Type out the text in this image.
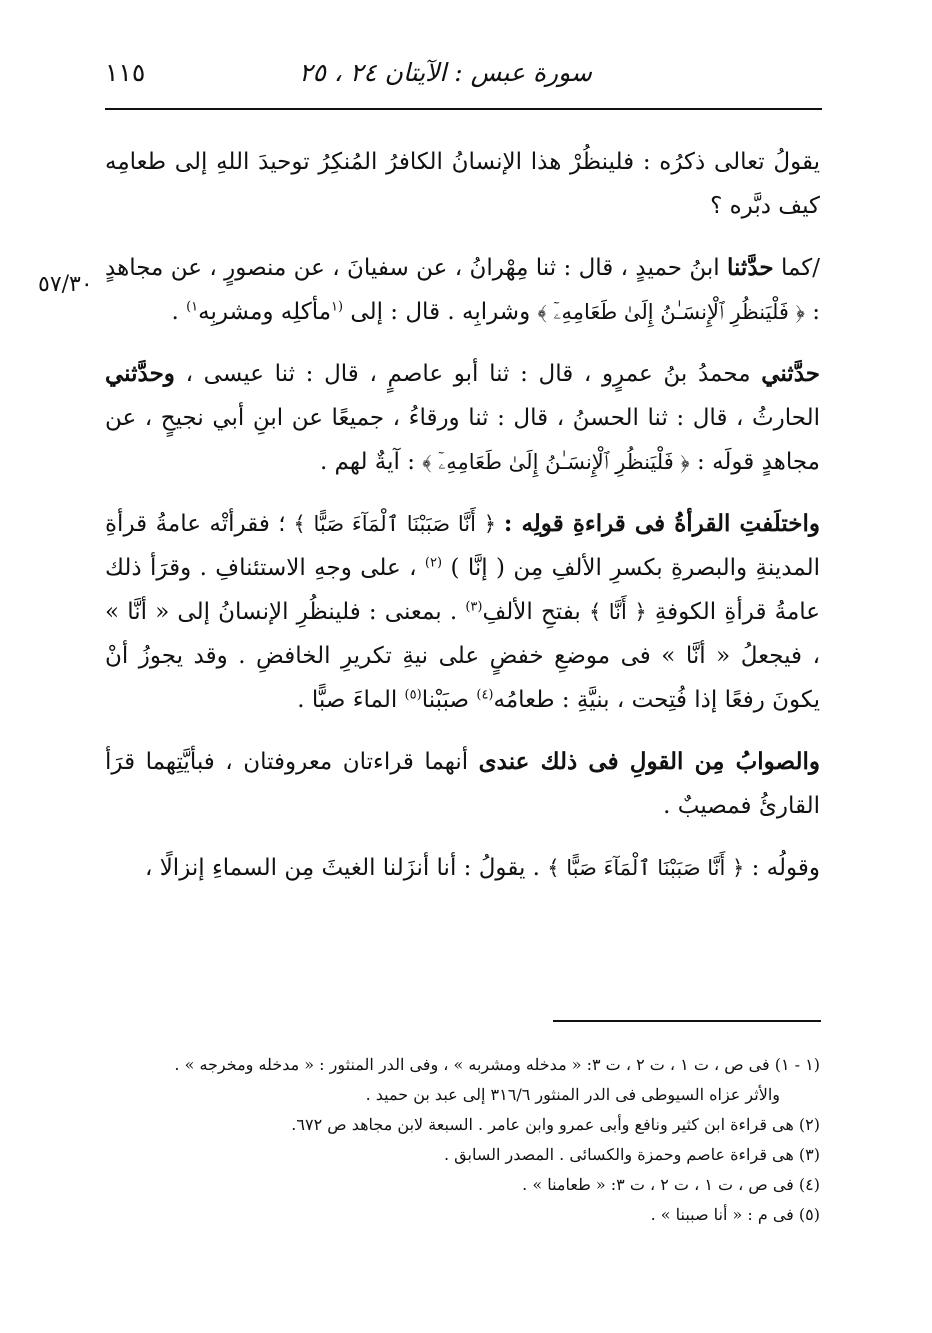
سورة عبس : الآيتان ٢٤ ، ٢٥
١١٥
٥٧/٣٠

يقولُ تعالى ذكرُه : فلينظُرْ هذا الإنسانُ الكافرُ المُنكِرُ توحيدَ اللهِ إلى طعامِه كيف دبَّره ؟

/كما حدَّثنا ابنُ حميدٍ ، قال : ثنا مِهْرانُ ، عن سفيانَ ، عن منصورٍ ، عن مجاهدٍ : ﴿ فَلْيَنظُرِ ٱلْإِنسَـٰنُ إِلَىٰ طَعَامِهِۦٓ ﴾ وشرابِه . قال : إلى $^{(١}$مأكلِه ومشربِه$^{١)}$ .

حدَّثني محمدُ بنُ عمرٍو ، قال : ثنا أبو عاصمٍ ، قال : ثنا عيسى ، وحدَّثني الحارثُ ، قال : ثنا الحسنُ ، قال : ثنا ورقاءُ ، جميعًا عن ابنِ أبي نجيحٍ ، عن مجاهدٍ قولَه : ﴿ فَلْيَنظُرِ ٱلْإِنسَـٰنُ إِلَىٰ طَعَامِهِۦٓ ﴾ : آيةٌ لهم .

واختلَفتِ القرأةُ فى قراءةِ قولِه : ﴿ أَنَّا صَبَبْنَا ٱلْمَآءَ صَبًّا ﴾ ؛ فقرأتْه عامةُ قرأةِ المدينةِ والبصرةِ بكسرِ الألفِ مِن ( إنَّا ) $^{(٢)}$ ، على وجهِ الاستئنافِ . وقرَأ ذلك عامةُ قرأةِ الكوفةِ ﴿ أَنَّا ﴾ بفتحِ الألفِ$^{(٣)}$ . بمعنى : فلينظُرِ الإنسانُ إلى « أنَّا » ، فيجعلُ « أنَّا » فى موضعِ خفضٍ على نيةِ تكريرِ الخافضِ . وقد يجوزُ أنْ يكونَ رفعًا إذا فُتِحت ، بنيَّةِ : طعامُه$^{(٤)}$ صبَبْنا$^{(٥)}$ الماءَ صبًّا .

والصوابُ مِن القولِ فى ذلك عندى أنهما قراءتان معروفتان ، فبأيَّتِهما قرَأ القارئُ فمصيبٌ .

وقولُه : ﴿ أَنَّا صَبَبْنَا ٱلْمَآءَ صَبًّا ﴾ . يقولُ : أنا أنزَلنا الغيثَ مِن السماءِ إنزالًا ،

(١ - ١) فى ص ، ت ١ ، ت ٢ ، ت ٣: « مدخله ومشربه » ، وفى الدر المنثور : « مدخله ومخرجه » .

والأثر عزاه السيوطى فى الدر المنثور ٣١٦/٦ إلى عبد بن حميد .

(٢) هى قراءة ابن كثير ونافع وأبى عمرو وابن عامر . السبعة لابن مجاهد ص ٦٧٢.

(٣) هى قراءة عاصم وحمزة والكسائى . المصدر السابق .

(٤) فى ص ، ت ١ ، ت ٢ ، ت ٣: « طعامنا » .

(٥) فى م : « أنا صببنا » .
